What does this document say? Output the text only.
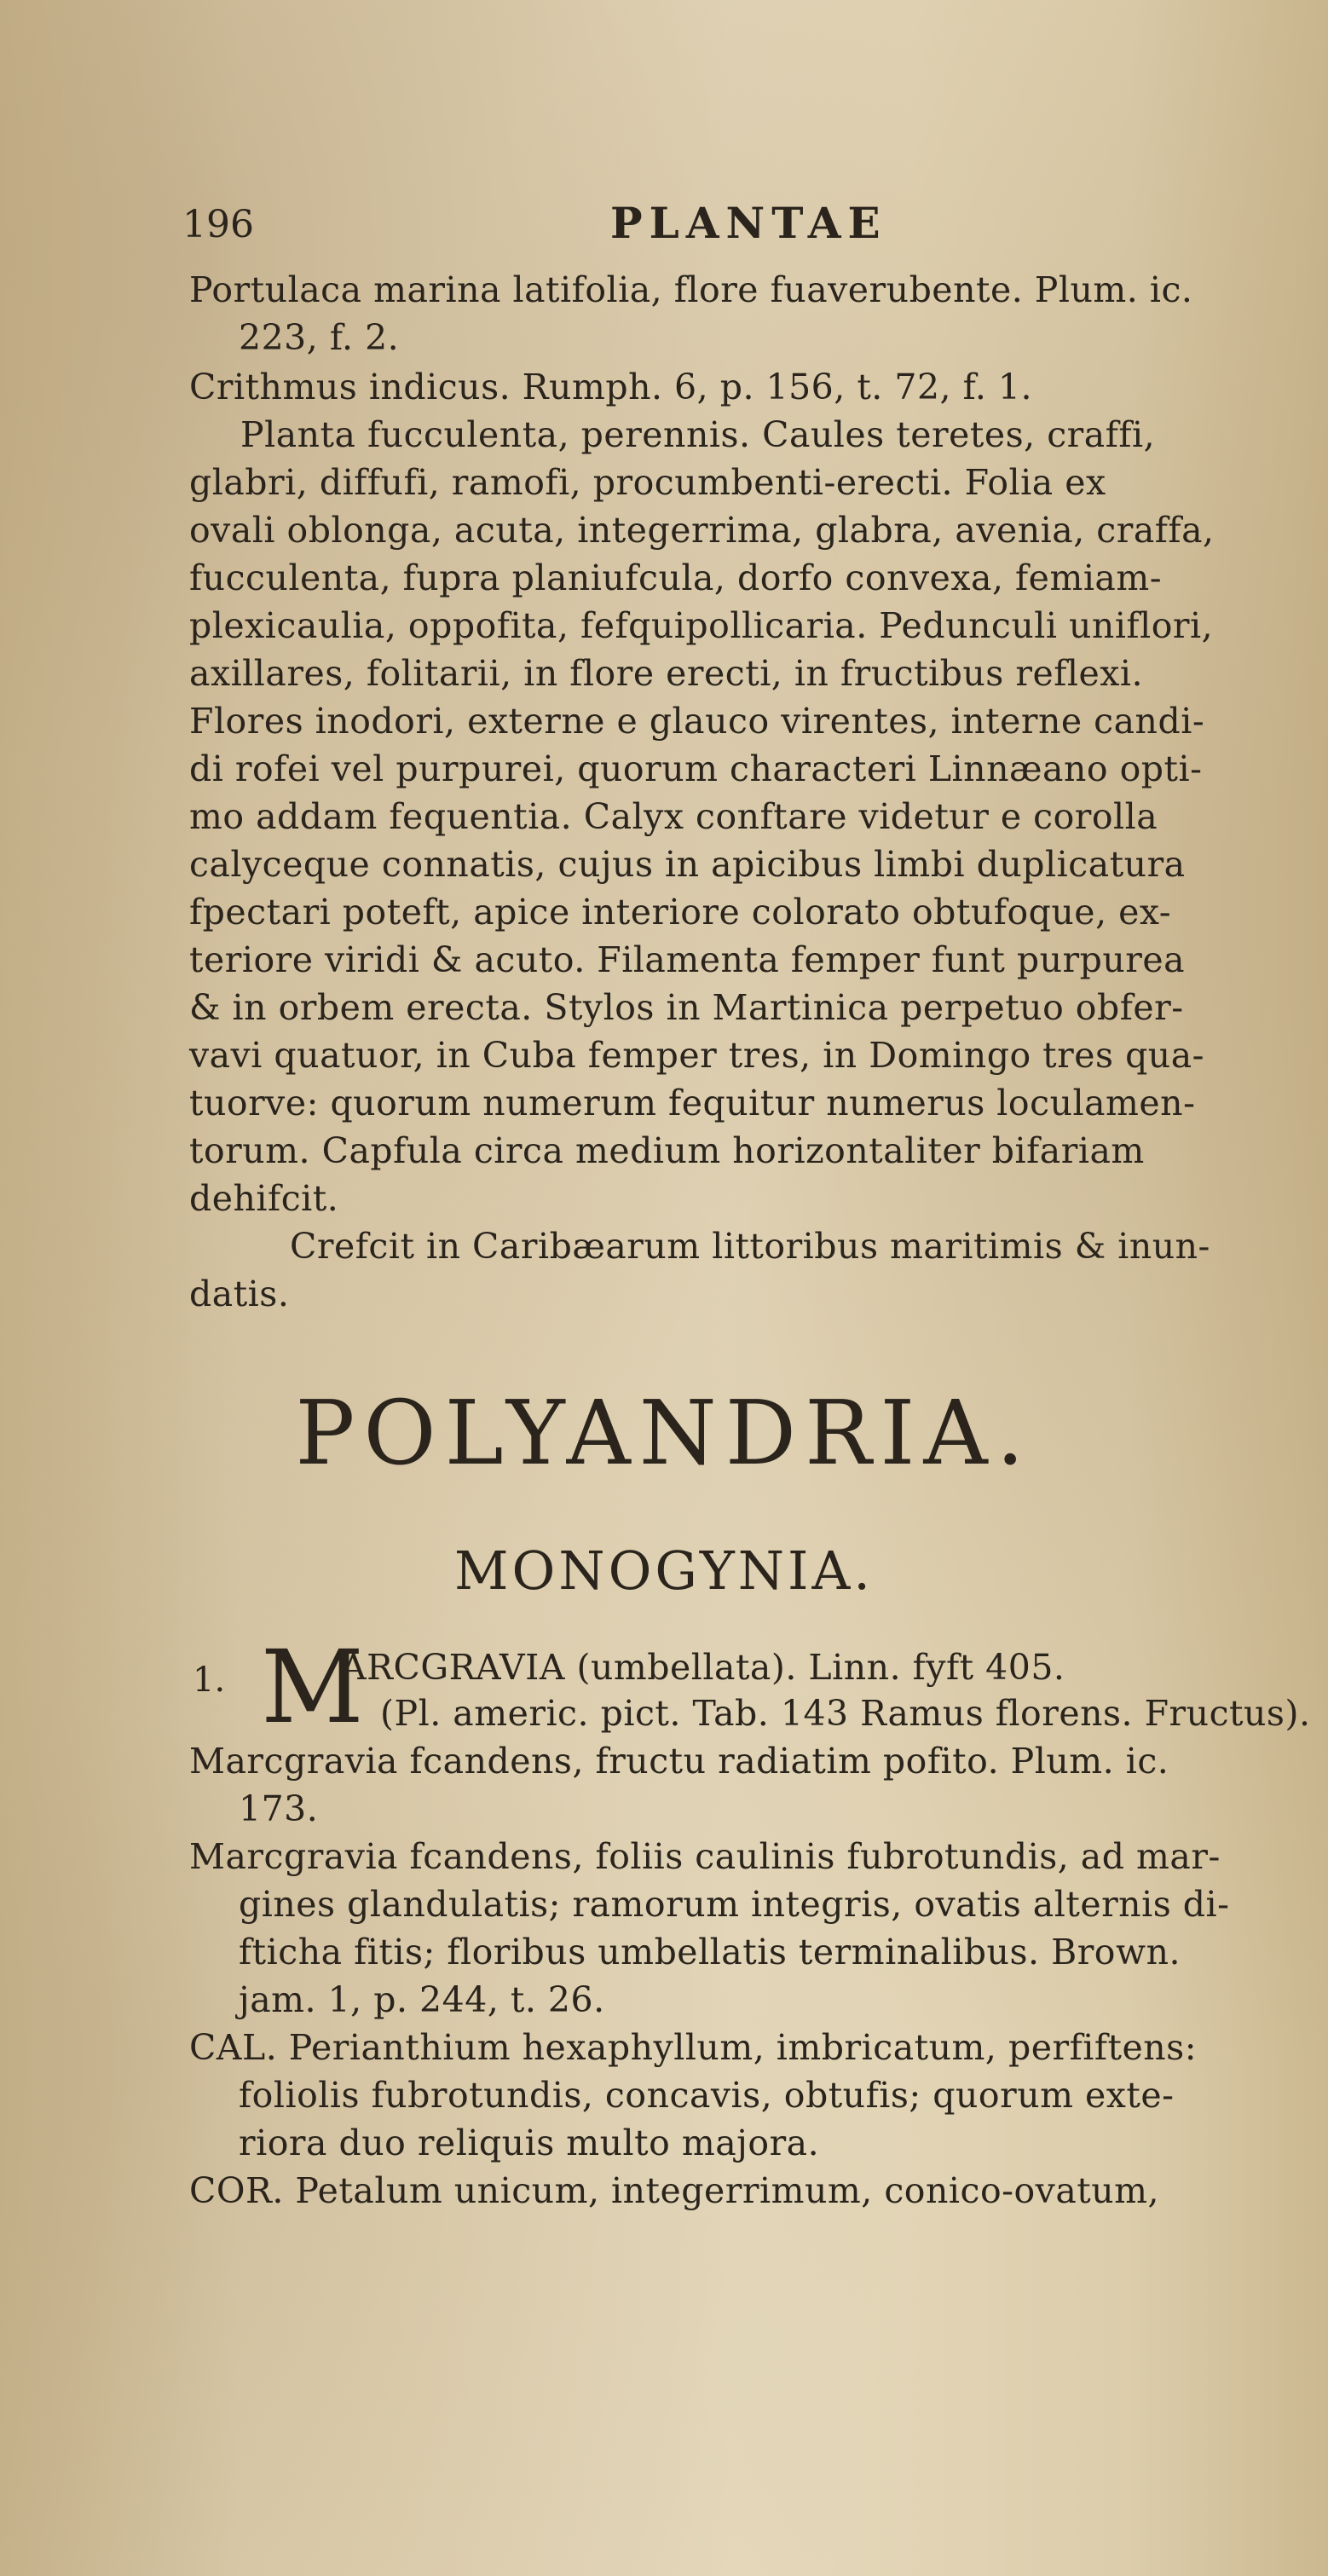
196	PLANTAE
Portulaca marina latifolia, flore fuaverubente. Plum. ic.
223, f. 2.
Crithmus indicus. Rumph. 6, p. 156, t. 72, f. 1.
Planta fucculenta, perennis. Caules teretes, craffi,
glabri, diffufi, ramofi, procumbenti-erecti. Folia ex
ovali oblonga, acuta, integerrima, glabra, avenia, craffa,
fucculenta, fupra planiufcula, dorfo convexa, femiam-
plexicaulia, oppofita, fefquipollicaria. Pedunculi uniflori,
axillares, folitarii, in flore erecti, in fructibus reflexi.
Flores inodori, externe e glauco virentes, interne candi-
di rofei vel purpurei, quorum characteri Linnæano opti-
mo addam fequentia. Calyx conftare videtur e corolla
calyceque connatis, cujus in apicibus limbi duplicatura
fpectari poteft, apice interiore colorato obtufoque, ex-
teriore viridi & acuto. Filamenta femper funt purpurea
& in orbem erecta. Stylos in Martinica perpetuo obfer-
vavi quatuor, in Cuba femper tres, in Domingo tres qua-
tuorve: quorum numerum fequitur numerus loculamen-
torum. Capfula circa medium horizontaliter bifariam
dehifcit.
Crefcit in Caribæarum littoribus maritimis & inun-
datis.
POLYANDRIA.
MONOGYNIA.
1. M
ARCGRAVIA (umbellata). Linn. fyft 405.
(Pl. americ. pict. Tab. 143 Ramus florens. Fructus).
Marcgravia fcandens, fructu radiatim pofito. Plum. ic.
173.
Marcgravia fcandens, foliis caulinis fubrotundis, ad mar-
gines glandulatis; ramorum integris, ovatis alternis di-
fticha fitis; floribus umbellatis terminalibus. Brown.
jam. 1, p. 244, t. 26.
CAL. Perianthium hexaphyllum, imbricatum, perfiftens:
foliolis fubrotundis, concavis, obtufis; quorum exte-
riora duo reliquis multo majora.
COR. Petalum unicum, integerrimum, conico-ovatum,
